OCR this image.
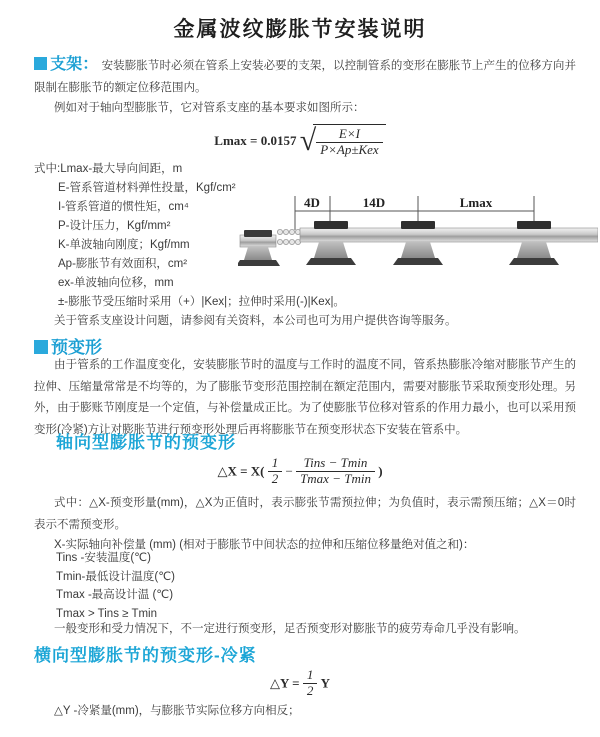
金属波纹膨胀节安装说明
支架： 安装膨胀节时必须在管系上安装必要的支架，以控制管系的变形在膨胀节上产生的位移方向并限制在膨胀节的额定位移范围内。
例如对于轴向型膨胀节，它对管系支座的基本要求如图所示：
Lmax = 0.0157 √ $\frac{E\times I}{\text{P×Ap±Kex}}$
式中:Lmax-最大导向间距，m
E-管系管道材料弹性投量，Kgf/cm²
I-管系管道的惯性矩，cm⁴
P-设计压力，Kgf/mm²
K-单波轴向刚度；Kgf/mm
Ap-膨胀节有效面积，cm²
ex-单波轴向位移，mm
±-膨胀节受压缩时采用（+）|Kex|；拉伸时采用(-)|Kex|。
4D	14D	Lmax
关于管系支座设计问题，请参阅有关资料，本公司也可为用户提供咨询等服务。
预变形
由于管系的工作温度变化，安装膨胀节时的温度与工作时的温度不同，管系热膨胀冷缩对膨胀节产生的拉伸、压缩量常常是不均等的，为了膨胀节变形范围控制在额定范围内，需要对膨胀节采取预变形处理。另外，由于膨账节刚度是一个定值，与补偿量成正比。为了使膨胀节位移对管系的作用力最小，也可以采用预变形(冷紧)方让对膨胀节进行预变形处理后再将膨胀节在预变形状态下安装在管系中。
轴向型膨胀节的预变形
△X = $X( \frac{1}{2} - \frac{\text{Tins − Tmin}}{Tmax - Tmin}$ )
式中：△X-预变形量(mm)，△X为正值时，表示膨张节需预拉伸；为负值时，表示需预压缩；△X＝0时表示不需预变形。
X-实际轴向补偿量 (mm) (相对于膨胀节中间状态的拉伸和压缩位移量绝对值之和)：
Tins -安装温度(℃)
Tmin-最低设计温度(℃)
Tmax -最高设计温 (℃)
Tmax > Tins ≥ Tmin
一般变形和受力情况下，不一定进行预变形，足否预变形对膨胀节的疲劳寿命几乎没有影响。
横向型膨胀节的预变形-冷紧
△Y = $\frac{1}{2}$ Y
△Y -冷紧量(mm)，与膨胀节实际位移方向相反；
